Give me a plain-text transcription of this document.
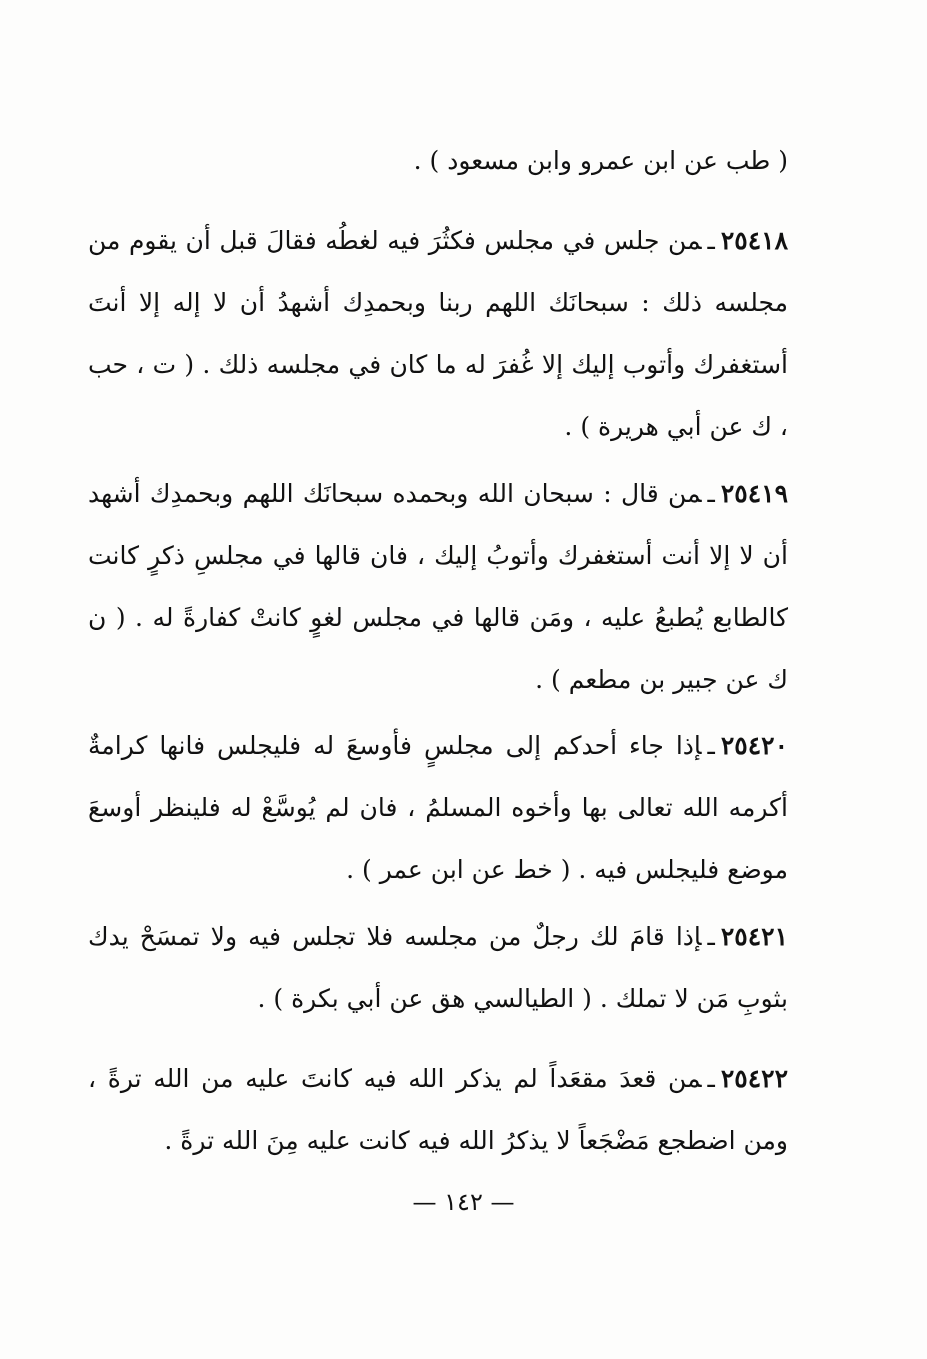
( طب عن ابن عمرو وابن مسعود ) .

٢٥٤١٨ـمن جلس في مجلس فكثُرَ فيه لغطُه فقالَ قبل أن يقوم من مجلسه ذلك : سبحانَك اللهم ربنا وبحمدِك أشهدُ أن لا إله إلا أنتَ أستغفرك وأتوب إليك إلا غُفرَ له ما كان في مجلسه ذلك . ( ت ، حب ، ك عن أبي هريرة ) .

٢٥٤١٩ـمن قال : سبحان الله وبحمده سبحانَك اللهم وبحمدِك أشهد أن لا إلا أنت أستغفرك وأتوبُ إليك ، فان قالها في مجلسِ ذكرٍ كانت كالطابع يُطبعُ عليه ، ومَن قالها في مجلس لغوٍ كانتْ كفارةً له . ( ن ك عن جبير بن مطعم ) .

٢٥٤٢٠ـإذا جاء أحدكم إلى مجلسٍ فأوسعَ له فليجلس فانها كرامةٌ أكرمه الله تعالى بها وأخوه المسلمُ ، فان لم يُوسَّعْ له فلينظر أوسعَ موضع فليجلس فيه . ( خط عن ابن عمر ) .

٢٥٤٢١ـإذا قامَ لك رجلٌ من مجلسه فلا تجلس فيه ولا تمسَحْ يدك بثوبِ مَن لا تملك . ( الطيالسي هق عن أبي بكرة ) .

٢٥٤٢٢ـمن قعدَ مقعَداً لم يذكر الله فيه كانتَ عليه من الله ترةً ، ومن اضطجع مَضْجَعاً لا يذكرُ الله فيه كانت عليه مِنَ الله ترةً .

— ١٤٢ —
